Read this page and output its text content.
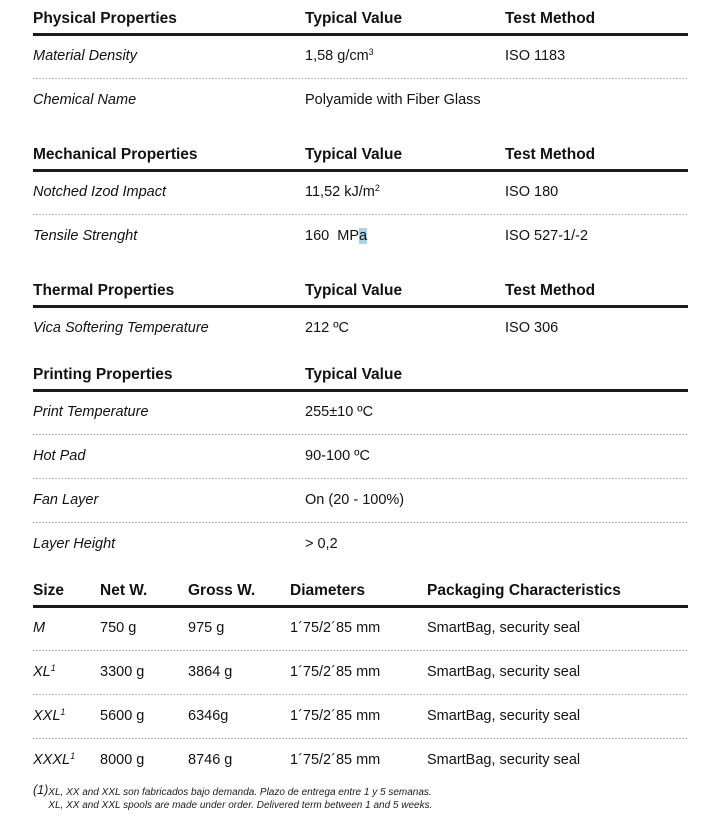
Physical Properties	Typical Value	Test Method
Material Density	1,58 $g/cm^3$	ISO 1183
Chemical Name	Polyamide with Fiber Glass
Mechanical Properties	Typical Value	Test Method
Notched Izod Impact	11,52 $kJ/m^2$	ISO 180
Tensile Strenght	160  MPa	ISO 527-1/-2
Thermal Properties	Typical Value	Test Method
Vica Softering Temperature	212 ºC	ISO 306
Printing Properties	Typical Value
Print Temperature	255±10 ºC
Hot Pad	90-100 ºC
Fan Layer	On (20 - 100%)
Layer Height	> 0,2
Size	Net W.	Gross W.	Diameters	Packaging Characteristics
M	750 g	975 g	1´75/2´85 mm	SmartBag, security seal
$XL^1$	3300 g	3864 g	1´75/2´85 mm	SmartBag, security seal
XXL$^1$	5600 g	6346g	1´75/2´85 mm	SmartBag, security seal
XXXL$^1$	8000 g	8746 g	1´75/2´85 mm	SmartBag, security seal
(1) XL, XX and XXL son fabricados bajo demanda. Plazo de entrega entre 1 y 5 semanas.
XL, XX and XXL spools are made under order. Delivered term between 1 and 5 weeks.
